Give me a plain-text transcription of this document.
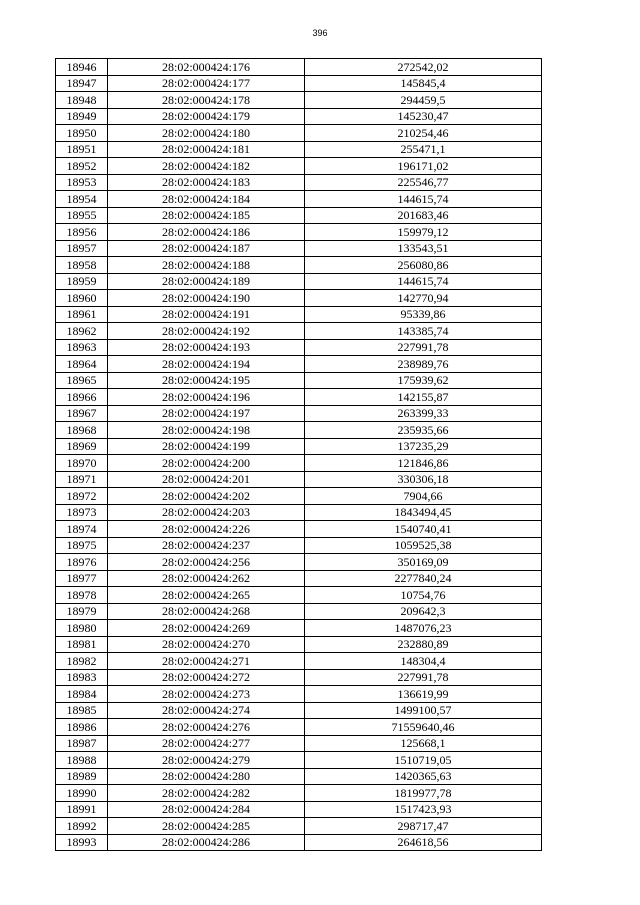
396
18946	28:02:000424:176	272542,02
18947	28:02:000424:177	145845,4
18948	28:02:000424:178	294459,5
18949	28:02:000424:179	145230,47
18950	28:02:000424:180	210254,46
18951	28:02:000424:181	255471,1
18952	28:02:000424:182	196171,02
18953	28:02:000424:183	225546,77
18954	28:02:000424:184	144615,74
18955	28:02:000424:185	201683,46
18956	28:02:000424:186	159979,12
18957	28:02:000424:187	133543,51
18958	28:02:000424:188	256080,86
18959	28:02:000424:189	144615,74
18960	28:02:000424:190	142770,94
18961	28:02:000424:191	95339,86
18962	28:02:000424:192	143385,74
18963	28:02:000424:193	227991,78
18964	28:02:000424:194	238989,76
18965	28:02:000424:195	175939,62
18966	28:02:000424:196	142155,87
18967	28:02:000424:197	263399,33
18968	28:02:000424:198	235935,66
18969	28:02:000424:199	137235,29
18970	28:02:000424:200	121846,86
18971	28:02:000424:201	330306,18
18972	28:02:000424:202	7904,66
18973	28:02:000424:203	1843494,45
18974	28:02:000424:226	1540740,41
18975	28:02:000424:237	1059525,38
18976	28:02:000424:256	350169,09
18977	28:02:000424:262	2277840,24
18978	28:02:000424:265	10754,76
18979	28:02:000424:268	209642,3
18980	28:02:000424:269	1487076,23
18981	28:02:000424:270	232880,89
18982	28:02:000424:271	148304,4
18983	28:02:000424:272	227991,78
18984	28:02:000424:273	136619,99
18985	28:02:000424:274	1499100,57
18986	28:02:000424:276	71559640,46
18987	28:02:000424:277	125668,1
18988	28:02:000424:279	1510719,05
18989	28:02:000424:280	1420365,63
18990	28:02:000424:282	1819977,78
18991	28:02:000424:284	1517423,93
18992	28:02:000424:285	298717,47
18993	28:02:000424:286	264618,56
